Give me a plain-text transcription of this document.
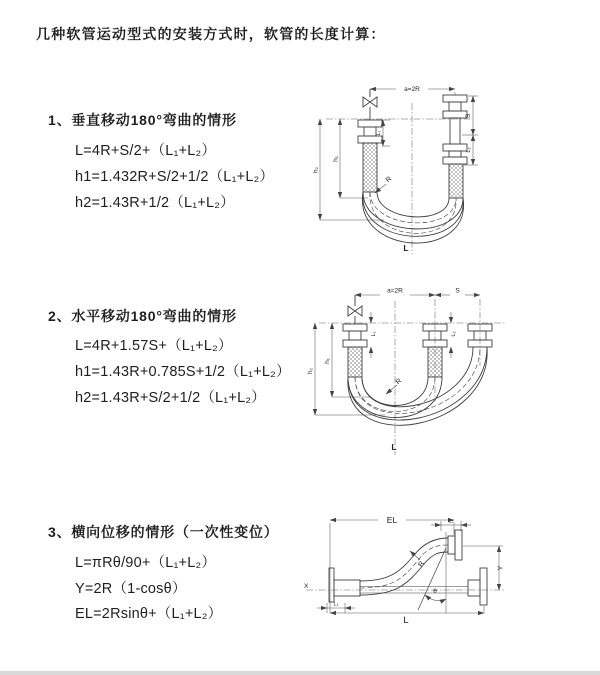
几种软管运动型式的安装方式时，软管的长度计算：
1、垂直移动180°弯曲的情形
L=4R+S/2+（L₁+L₂）
h1=1.432R+S/2+1/2（L₁+L₂）
h2=1.43R+1/2（L₁+L₂）
2、水平移动180°弯曲的情形
L=4R+1.57S+（L₁+L₂）
h1=1.43R+0.785S+1/2（L₁+L₂）
h2=1.43R+S/2+1/2（L₁+L₂）
3、横向位移的情形（一次性变位）
L=πRθ/90+（L₁+L₂）
Y=2R（1-cosθ）
EL=2Rsinθ+（L₁+L₂）
a=2R
h₂
h₁
L₁
S
L₂
R
L
a=2R	S
h₂
h₁
L₁	L₂
R
L
EL	L₂
L₁
R	Y
θ
L
X
